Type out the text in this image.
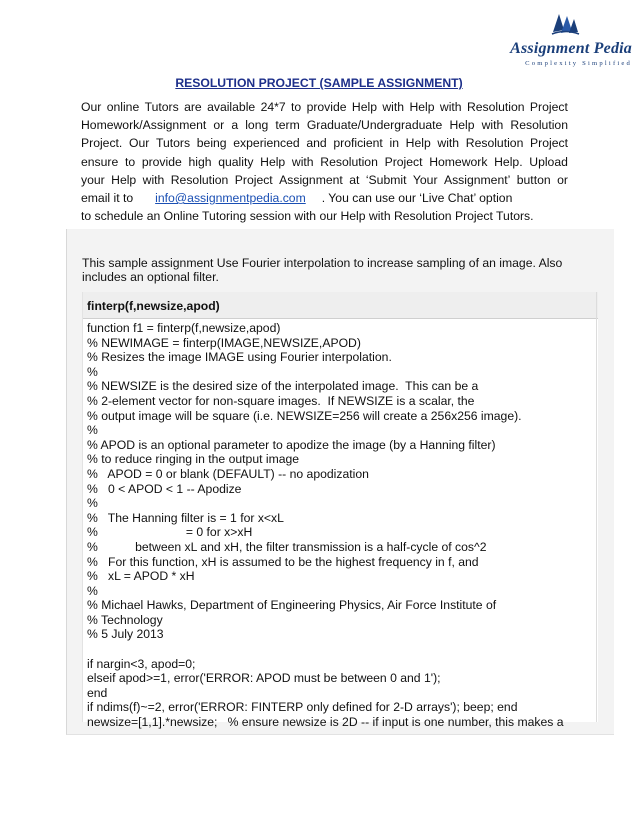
Assignment Pedia
Complexity Simplified
RESOLUTION PROJECT (SAMPLE ASSIGNMENT)
Our online Tutors are available 24*7 to provide Help with Help with Resolution Project
Homework/Assignment or a long term Graduate/Undergraduate Help with Resolution
Project. Our Tutors being experienced and proficient in Help with Resolution Project
ensure to provide high quality Help with Resolution Project Homework Help. Upload
your Help with Resolution Project Assignment at ‘Submit Your Assignment’ button or
email it to info@assignmentpedia.com . You can use our ‘Live Chat’ option
to schedule an Online Tutoring session with our Help with Resolution Project Tutors.
This sample assignment Use Fourier interpolation to increase sampling of an image. Also includes an optional filter.
finterp(f,newsize,apod)
function f1 = finterp(f,newsize,apod)
% NEWIMAGE = finterp(IMAGE,NEWSIZE,APOD)
% Resizes the image IMAGE using Fourier interpolation.
%
% NEWSIZE is the desired size of the interpolated image.  This can be a
% 2-element vector for non-square images.  If NEWSIZE is a scalar, the
% output image will be square (i.e. NEWSIZE=256 will create a 256x256 image).
%
% APOD is an optional parameter to apodize the image (by a Hanning filter)
% to reduce ringing in the output image
%   APOD = 0 or blank (DEFAULT) -- no apodization
%   0 < APOD < 1 -- Apodize
%
%   The Hanning filter is = 1 for x<xL
%                          = 0 for x>xH
%           between xL and xH, the filter transmission is a half-cycle of cos^2
%   For this function, xH is assumed to be the highest frequency in f, and
%   xL = APOD * xH
%
% Michael Hawks, Department of Engineering Physics, Air Force Institute of
% Technology
% 5 July 2013
if nargin<3, apod=0;
elseif apod>=1, error('ERROR: APOD must be between 0 and 1');
end
if ndims(f)~=2, error('ERROR: FINTERP only defined for 2-D arrays'); beep; end
newsize=[1,1].*newsize;   % ensure newsize is 2D -- if input is one number, this makes a
